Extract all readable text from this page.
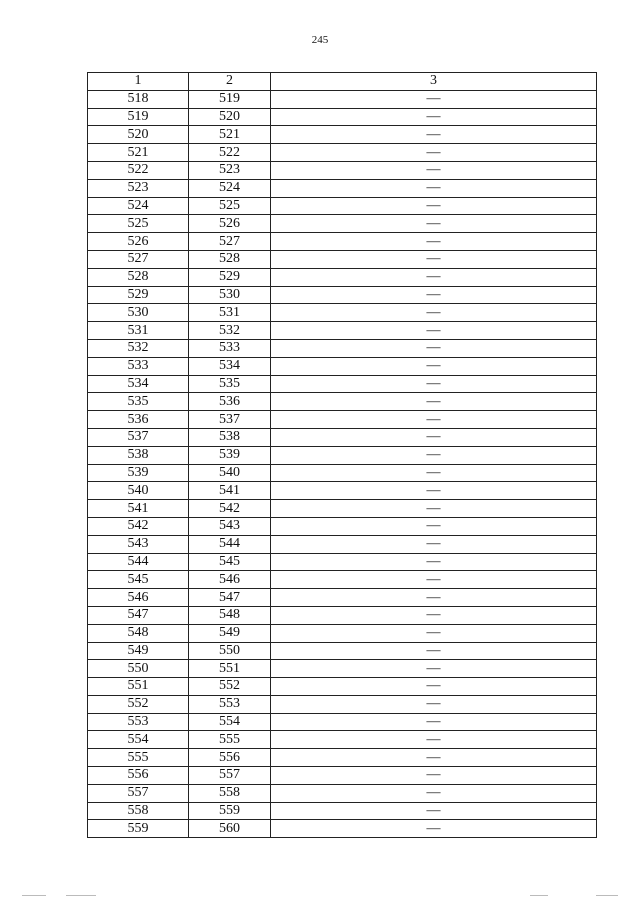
245
1	2	3
518	519	—
519	520	—
520	521	—
521	522	—
522	523	—
523	524	—
524	525	—
525	526	—
526	527	—
527	528	—
528	529	—
529	530	—
530	531	—
531	532	—
532	533	—
533	534	—
534	535	—
535	536	—
536	537	—
537	538	—
538	539	—
539	540	—
540	541	—
541	542	—
542	543	—
543	544	—
544	545	—
545	546	—
546	547	—
547	548	—
548	549	—
549	550	—
550	551	—
551	552	—
552	553	—
553	554	—
554	555	—
555	556	—
556	557	—
557	558	—
558	559	—
559	560	—
